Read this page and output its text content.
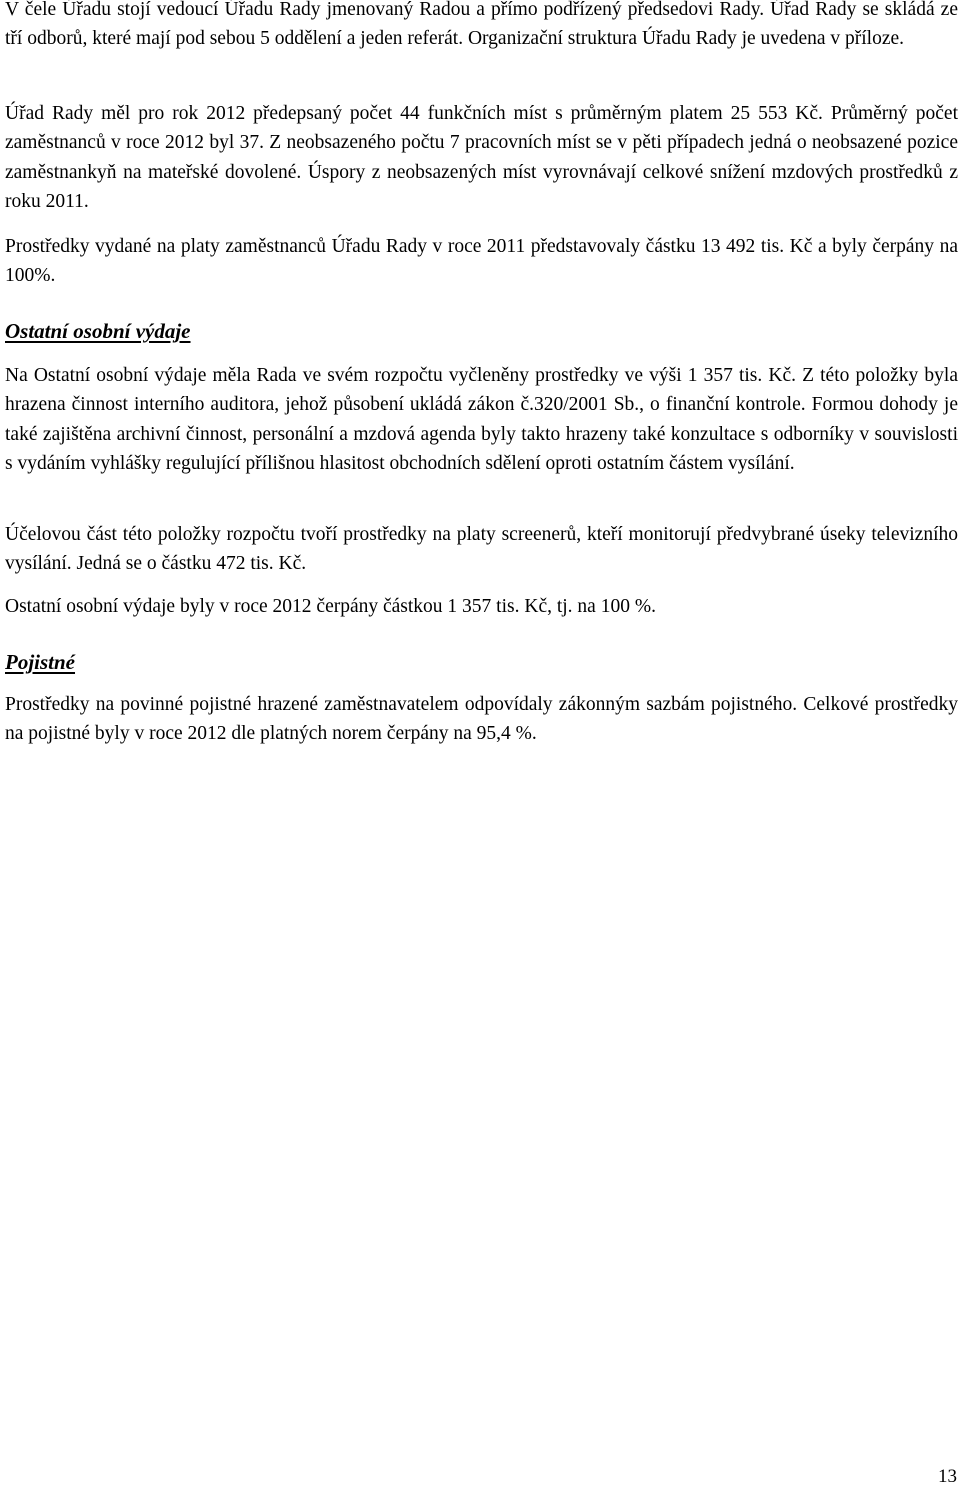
V čele Úřadu stojí vedoucí Úřadu Rady jmenovaný Radou a přímo podřízený předsedovi Rady. Úřad Rady se skládá ze tří odborů, které mají pod sebou 5 oddělení a jeden referát. Organizační struktura Úřadu Rady je uvedena v příloze.

Úřad Rady měl pro rok 2012 předepsaný počet 44 funkčních míst s průměrným platem 25 553 Kč. Průměrný počet zaměstnanců v roce 2012 byl 37. Z neobsazeného počtu 7 pracovních míst se v pěti případech jedná o neobsazené pozice zaměstnankyň na mateřské dovolené. Úspory z neobsazených míst vyrovnávají celkové snížení mzdových prostředků z roku 2011.

Prostředky vydané na platy zaměstnanců Úřadu Rady v roce 2011 představovaly částku 13 492 tis. Kč a byly čerpány na 100%.

Ostatní osobní výdaje

Na Ostatní osobní výdaje měla Rada ve svém rozpočtu vyčleněny prostředky ve výši 1 357 tis. Kč. Z této položky byla hrazena činnost interního auditora, jehož působení ukládá zákon č.320/2001 Sb., o finanční kontrole. Formou dohody je také zajištěna archivní činnost, personální a mzdová agenda byly takto hrazeny také konzultace s odborníky v souvislosti s vydáním vyhlášky regulující přílišnou hlasitost obchodních sdělení oproti ostatním částem vysílání.

Účelovou část této položky rozpočtu tvoří prostředky na platy screenerů, kteří monitorují předvybrané úseky televizního vysílání. Jedná se o částku 472 tis. Kč.

Ostatní osobní výdaje byly v roce 2012 čerpány částkou 1 357 tis. Kč, tj. na 100 %.

Pojistné

Prostředky na povinné pojistné hrazené zaměstnavatelem odpovídaly zákonným sazbám pojistného. Celkové prostředky na pojistné byly v roce 2012 dle platných norem čerpány na 95,4 %.

13
